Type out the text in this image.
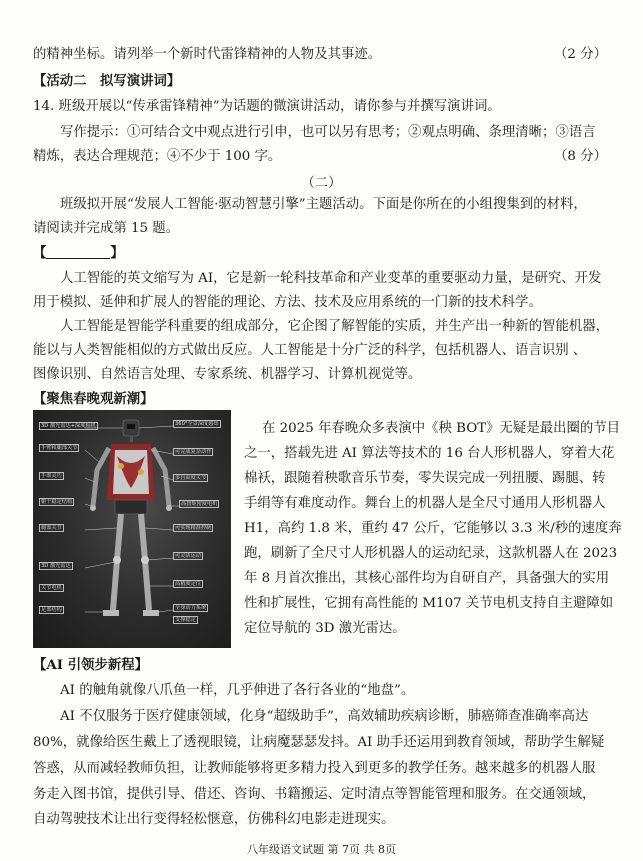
的精神坐标。请列举一个新时代雷锋精神的人物及其事迹。	（2 分）
【活动二　拟写演讲词】
14. 班级开展以“传承雷锋精神”为话题的微演讲活动，请你参与并撰写演讲词。
写作提示：①可结合文中观点进行引申，也可以另有思考；②观点明确、条理清晰；③语言
精炼，表达合理规范；④不少于 100 字。	（8 分）
（二）
班级拟开展“发展人工智能·驱动智慧引擎”主题活动。下面是你所在的小组搜集到的材料，
请阅读并完成第 15 题。
【	】
人工智能的英文缩写为 AI，它是新一轮科技革命和产业变革的重要驱动力量，是研究、开发
用于模拟、延伸和扩展人的智能的理论、方法、技术及应用系统的一门新的技术科学。
人工智能是智能学科重要的组成部分，它企图了解智能的实质，并生产出一种新的智能机器，
能以与人类智能相似的方式做出反应。人工智能是十分广泛的科学，包括机器人、语言识别 、
图像识别、自然语言处理、专家系统、机器学习、计算机视觉等。
【聚焦春晚观新潮】
3D 激光雷达+深度相机
手臂和腿部关节
手部灵巧
躯干稳定结构
腿部关节
3D 激光雷达
足部结构
360°全景深度感知
可完成复杂动作
多自由度关节
高扭矩密度电机
可实现精准控制
可灵活运动
高精度定位
全身动力系统
支撑稳定
关节电机
在 2025 年春晚众多表演中《秧 BOT》无疑是最出圈的节目
之一，搭载先进 AI 算法等技术的 16 台人形机器人，穿着大花
棉袄，跟随着秧歌音乐节奏，零失误完成一列扭腰、踢腿、转
手绢等有难度动作。舞台上的机器人是全尺寸通用人形机器人
H1，高约 1.8 米，重约 47 公斤，它能够以 3.3 米/秒的速度奔
跑，刷新了全尺寸人形机器人的运动纪录，这款机器人在 2023
年 8 月首次推出，其核心部件均为自研自产，具备强大的实用
性和扩展性，它拥有高性能的 M107 关节电机支持自主避障如
定位导航的 3D 激光雷达。
【AI 引领步新程】
AI 的触角就像八爪鱼一样，几乎伸进了各行各业的“地盘”。
AI 不仅服务于医疗健康领域，化身“超级助手”，高效辅助疾病诊断，肺癌筛查准确率高达
80%，就像给医生戴上了透视眼镜，让病魔瑟瑟发抖。AI 助手还运用到教育领域，帮助学生解疑
答惑，从而减轻教师负担，让教师能够将更多精力投入到更多的教学任务。越来越多的机器人服
务走入图书馆，提供引导、借还、咨询、书籍搬运、定时清点等智能管理和服务。在交通领域，
自动驾驶技术让出行变得轻松惬意，仿佛科幻电影走进现实。
八年级语文试题 第 7页 共 8页
